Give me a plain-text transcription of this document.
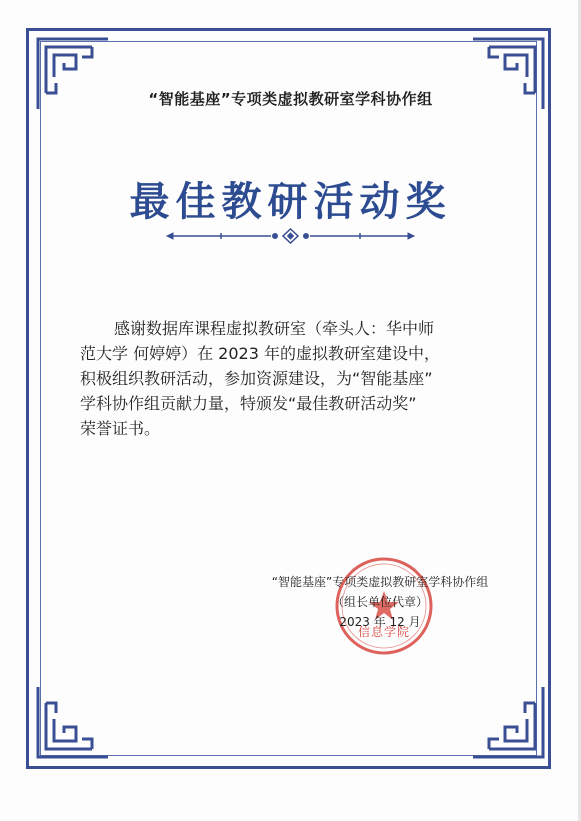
“智能基座”专项类虚拟教研室学科协作组
最佳教研活动奖

感谢数据库课程虚拟教研室（牵头人：华中师

范大学 何婷婷）在 2023 年的虚拟教研室建设中，

积极组织教研活动，参加资源建设，为“智能基座”

学科协作组贡献力量，特颁发“最佳教研活动奖”

荣誉证书。

信息学院
“智能基座”专项类虚拟教研室学科协作组
（组长单位代章）
2023 年 12 月
